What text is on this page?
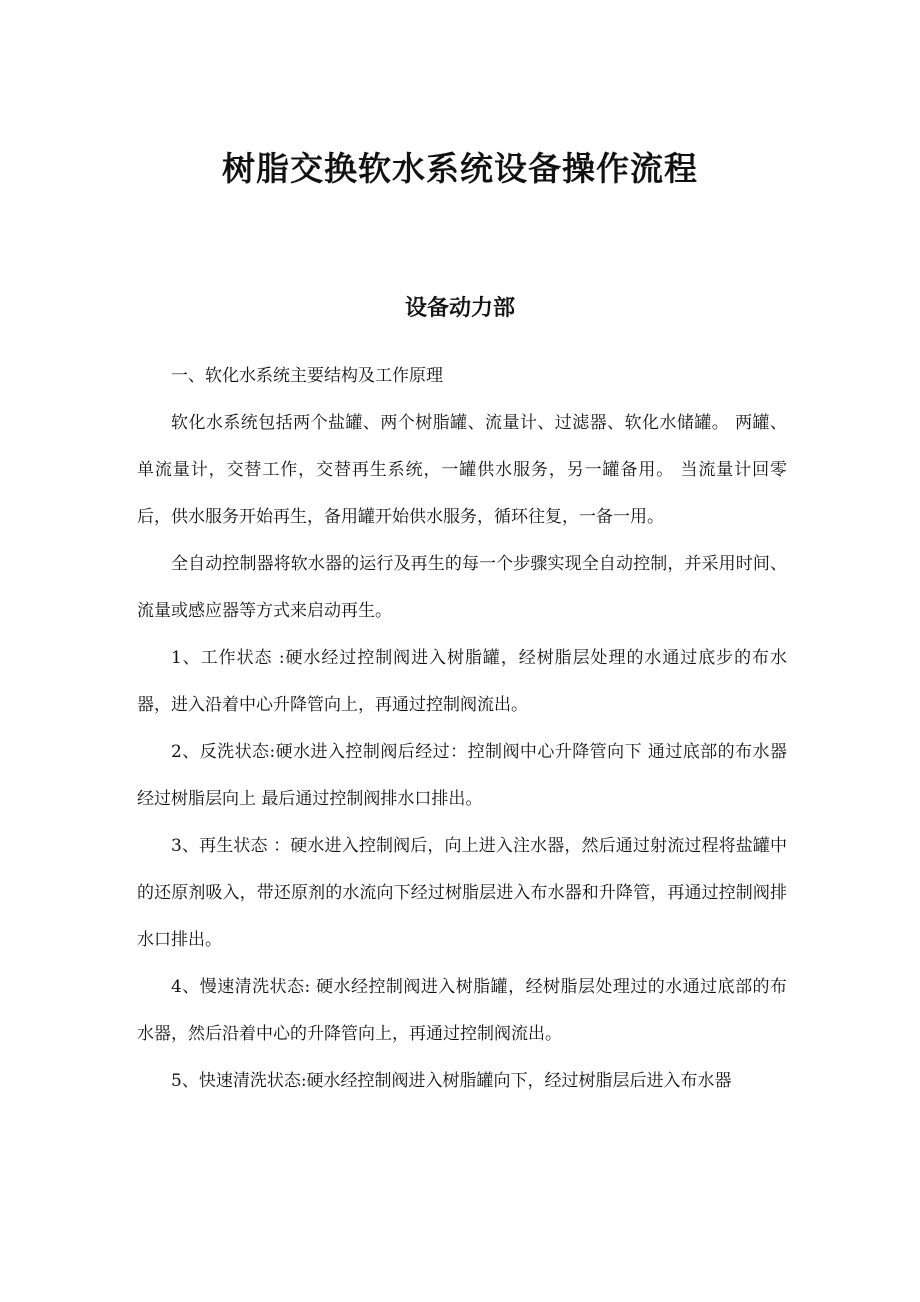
树脂交换软水系统设备操作流程
设备动力部

一、软化水系统主要结构及工作原理

软化水系统包括两个盐罐、两个树脂罐、流量计、过滤器、软化水储罐。 两罐、单流量计，交替工作，交替再生系统，一罐供水服务，另一罐备用。 当流量计回零后，供水服务开始再生，备用罐开始供水服务，循环往复，一备一用。

全自动控制器将软水器的运行及再生的每一个步骤实现全自动控制，并采用时间、流量或感应器等方式来启动再生。

1、工作状态 :硬水经过控制阀进入树脂罐，经树脂层处理的水通过底步的布水器，进入沿着中心升降管向上，再通过控制阀流出。

2、反洗状态:硬水进入控制阀后经过：控制阀中心升降管向下 通过底部的布水器经过树脂层向上 最后通过控制阀排水口排出。

3、再生状态 ：硬水进入控制阀后，向上进入注水器，然后通过射流过程将盐罐中的还原剂吸入，带还原剂的水流向下经过树脂层进入布水器和升降管，再通过控制阀排水口排出。

4、慢速清洗状态: 硬水经控制阀进入树脂罐，经树脂层处理过的水通过底部的布水器，然后沿着中心的升降管向上，再通过控制阀流出。

5、快速清洗状态:硬水经控制阀进入树脂罐向下，经过树脂层后进入布水器
